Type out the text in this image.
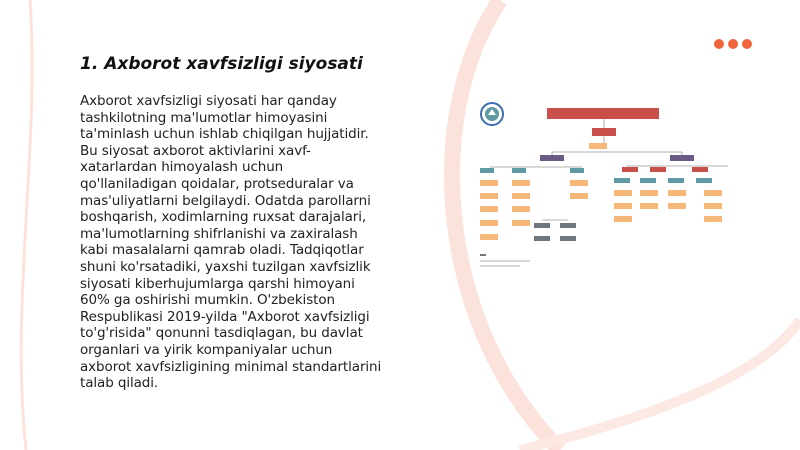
1. Axborot xavfsizligi siyosati
Axborot xavfsizligi siyosati har qanday
tashkilotning ma'lumotlar himoyasini
ta'minlash uchun ishlab chiqilgan hujjatidir.
Bu siyosat axborot aktivlarini xavf-
xatarlardan himoyalash uchun
qo'llaniladigan qoidalar, protseduralar va
mas'uliyatlarni belgilaydi. Odatda parollarni
boshqarish, xodimlarning ruxsat darajalari,
ma'lumotlarning shifrlanishi va zaxiralash
kabi masalalarni qamrab oladi. Tadqiqotlar
shuni ko'rsatadiki, yaxshi tuzilgan xavfsizlik
siyosati kiberhujumlarga qarshi himoyani
60% ga oshirishi mumkin. O'zbekiston
Respublikasi 2019-yilda "Axborot xavfsizligi
to'g'risida" qonunni tasdiqlagan, bu davlat
organlari va yirik kompaniyalar uchun
axborot xavfsizligining minimal standartlarini
talab qiladi.
